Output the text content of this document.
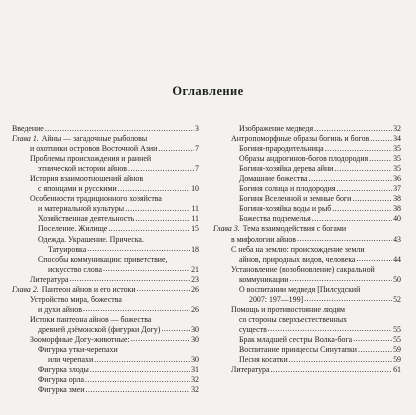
Оглавление
Введение .....	3
Глава 1. Айны — загадочные рыболовы
и охотники островов Восточной Азии .....	7
Проблемы происхождения и ранней
этнической истории айнов .....	7
История взаимоотношений айнов
с японцами и русскими .....	10
Особенности традиционного хозяйства
и материальной культуры .....	11
Хозяйственная деятельность .....	11
Поселение. Жилище .....	15
Одежда. Украшение. Прическа.
Татуировка .....	18
Способы коммуникации: приветствие,
искусство слова .....	21
Литература .....	23
Глава 2. Пантеон айнов и его истоки .....	26
Устройство мира, божества
и духи айнов .....	26
Истоки пантеона айнов — божества
древней дзёмонской (фигурки Догу) .....	30
Зооморфные Догу-животные: .....	30
Фигурка утки-черепахи
или черепахи .....	30
Фигурка злоды .....	31
Фигурка орла .....	32
Фигурка змеи .....	32
Изображение медведя .....	32
Антропоморфные образы богинь и богов .....	34
Богиня-прародительница .....	35
Образы андрогинов-богов плодородия .....	35
Богиня-хозяйка дерева айни .....	35
Домашние божества .....	36
Богиня солнца и плодородия .....	37
Богиня Вселенной и земные боги .....	38
Богиня-хозяйка воды и рыб .....	38
Божества подземелья .....	40
Глава 3. Тема взаимодействия с богами
в мифологии айнов .....	43
С неба на землю: происхождение земли
айнов, природных видов, человека .....	44
Установление (возобновление) сакральной
коммуникации .....	50
О воспитании медведя [Пилсудский
2007: 197—199] .....	52
Помощь и противостояние людям
со стороны сверхъестественных
существ .....	55
Брак младшей сестры Волка-бога .....	55
Воспитание принцессы Синутапки .....	59
Песня косатки .....	59
Литература .....	61
